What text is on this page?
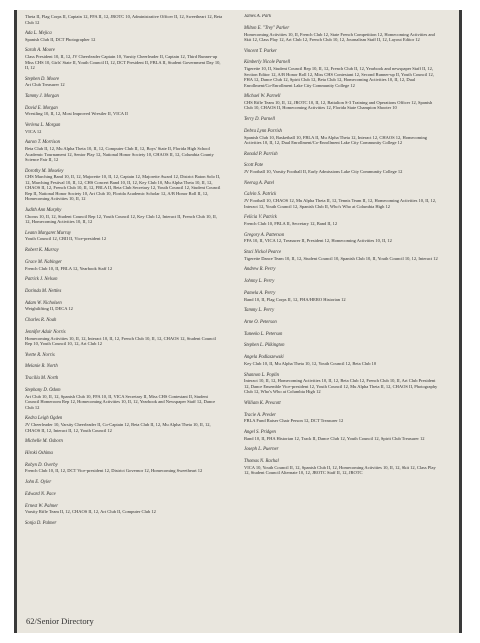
Theta II, Flag Corps II, Captain 12, FFA II, 12, JROTC 10, Administrative Officer II, 12, Sweetheart 12, Beta Club 12
Ada L. Mejica
Spanish Club II, DCT Photographer 12
Sarah A. Moore
Class President 10, II, 12, JV Cheerleader Captain 10, Varsity Cheerleader II, Captain 12, Third Runner-up Miss CHS 10, Girls' State II, Youth Council II, 12, DCT President II, FBLA II, Student Government Day 10, II, 12
Stephen D. Moore
Art Club Treasurer 12
Tammy J. Morgan
David E. Morgan
Wrestling 10, II, 12, Most Improved Wrestler II, VICA II
Verlena L. Morgan
VICA 12
Aaron T. Morrison
Beta Club II, 12, Mu Alpha Theta 10, II, 12, Computer Club II, 12, Boys' State II, Florida High School Academic Tournament 12, Senior Play 12, National Honor Society 10, CHAOS II, 12, Columbia County Science Fair II, 12
Dorothy M. Moseley
CHS Marching Band 10, II, 12, Majorette 10, II, 12, Captain 12, Majorette Award 12, District Baton Solo II, 12, Marching Festival 10, II, 12, CHS Concert Band 10, II, 12, Key Club 10, Mu Alpha Theta 10, II, 12, CHAOS II, 12, French Club 10, II, 12, FBLA II, Beta Club Secretary 12, Youth Council 12, Student Council Rep II, National Honor Society 10, Art Club 10, Florida Academic Scholar 12, A/B Honor Roll II, 12, Homecoming Activities 10, II, 12
Judith Ann Murphy
Chorus 10, II, 12, Student Council Rep 12, Youth Council 12, Key Club 12, Interact II, French Club 10, II, 12, Homecoming Activities 10, II, 12
Leann Margaret Murray
Youth Council 12, CBII II, Vice-president 12
Robert K. Murray
Grace M. Nabinger
French Club 10, II, FBLA 12, Yearbook Staff 12
Patrick J. Nelson
Darinda M. Nettles
Adam W. Nicholsen
Weightlifting II, DECA 12
Charles R. Noah
Jennifer Adair Norris
Homecoming Activities 10, II, 12, Interact 10, II, 12, French Club 10, II, 12, CHAOS 12, Student Council Rep 10, Youth Council 10, 12, Art Club 12
Yvette R. Norris
Melanie R. North
Tracilla M. North
Stephany D. Odom
Art Club 10, II, 12, Spanish Club 10, FFA 10, II, VICA Secretary II, Miss CHS Contestant II, Student Council Homeroom Rep 12, Homecoming Activities 10, II, 12, Yearbook and Newspaper Staff 12, Dance Club 12
Kedra Leigh Ogden
JV Cheerleader 10, Varsity Cheerleader II, Co-Captain 12, Beta Club II, 12, Mu Alpha Theta 10, II, 12, CHAOS II, 12, Interact II, 12, Youth Council 12
Michelle M. Osborn
Hiroki Oshima
Robyn D. Overby
French Club 10, II, 12, DCT Vice-president 12, District Governor 12, Homecoming Sweetheart 12
John E. Oyler
Edward N. Pace
Ernest W. Palmer
Varsity Rifle Team II, 12, CHAOS II, 12, Art Club II, Computer Club 12
Sonja D. Palmer
James A. Park
Milton E. "Trey" Parker
Homecoming Activities 10, II, French Club 12, State French Competition 12, Homecoming Activities and Skit 12, Class Play 12, Art Club 12, French Club 10, 12, Journalism Staff II, 12, Layout Editor 12
Vincent T. Parker
Kimberly Nicole Parnell
Tigerette 10, II, Student Council Rep 10, II, 12, French Club II, 12, Yearbook and newspaper Staff II, 12, Section Editor 12, A/B Honor Roll 12, Miss CHS Contestant 12, Second Runner-up II, Youth Council 12, FHA 12, Dance Club 12, Spirit Club 12, Beta Club 12, Homecoming Activities 10, II, 12, Dual Enrollment/Co-Enrollment Lake City Community College 12
Michael W. Parnell
CHS Rifle Team 10, II, 12, JROTC 10, II, 12, Battalion S-3 Training and Operations Officer 12, Spanish Club 10, CHAOS II, Homecoming Activities 12, Florida State Champion Shooter 10
Terry D. Parnell
Debra Lynn Parrish
Spanish Club 10, Basketball 10, FBLA II, Mu Alpha Theta 12, Interact 12, CHAOS 12, Homecoming Activities 10, II, 12, Dual Enrollment/Co-Enrollment Lake City Community College 12
Ronald P. Parrish
Scott Pate
JV Football 10, Varsity Football II, Early Admissions Lake City Community College 12
Neerag A. Patel
Calvin S. Patrick
JV Football 10, CHAOS 12, Mu Alpha Theta II, 12, Tennis Team II, 12, Homecoming Activities 10, II, 12, Interact 12, Youth Council 12, Spanish Club II, Who's Who at Columbia High 12
Felicia V. Patrick
French Club 10, FBLA II, Secretary 12, Band II, 12
Gregory A. Patterson
FFA 10, II, VICA 12, Treasurer II, President 12, Homecoming Activities 10, II, 12
Staci Nickol Pearce
Tigerette Dance Team 10, II, 12, Student Council 10, Spanish Club 10, II, Youth Council 10, 12, Interact 12
Andrew R. Perry
Johnny L. Perry
Pamela A. Perry
Band 10, II, Flag Corps II, 12, FHA/HERO Historian 12
Tammy L. Perry
Arne O. Peterson
Tuneeko L. Peterson
Stephen L. Pilkington
Angela Podlaszewski
Key Club 10, II, Mu Alpha Theta 10, 12, Youth Council 12, Beta Club 10
Shannon L. Poplin
Interact 10, II, 12, Homecoming Activities 10, II, 12, Beta Club 12, French Club 10, II, Art Club President 12, Dance Ensemble Vice-president 12, Youth Council 12, Mu Alpha Theta II, 12, CHAOS II, Photography Club 12, Who's Who at Columbia High 12
William K. Prescott
Tracie A. Presler
FBLA Fund Raiser Chair Person 12, DCT Treasurer 12
Angel S. Pridgen
Band 10, II, FHA Historian 12, Track II, Dance Club 12, Youth Council 12, Spirit Club Treasurer 12
Joseph L. Puerner
Thomas N. Rachal
VICA 10, Youth Council II, 12, Spanish Club II, 12, Homecoming Activities 10, II, 12, Skit 12, Class Play 12, Student Council Alternate 10, 12, JROTC Staff II, 12, JROTC
62/Senior Directory
